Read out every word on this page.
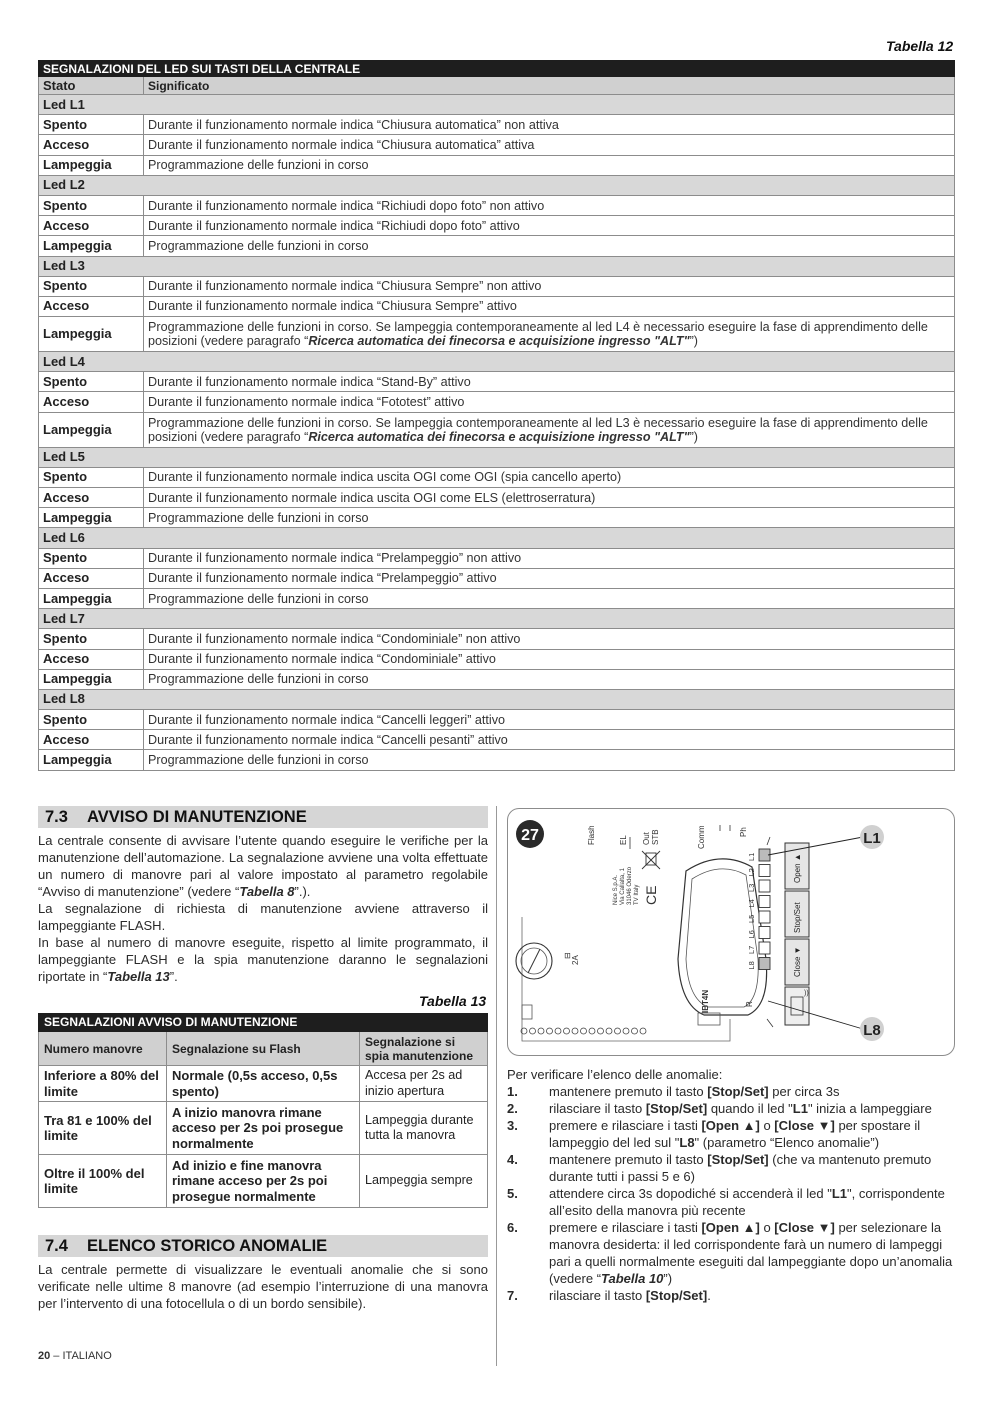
Tabella 12
SEGNALAZIONI DEL LED SUI TASTI DELLA CENTRALE	
Stato	Significato
Led L1	
Spento	Durante il funzionamento normale indica “Chiusura automatica” non attiva
Acceso	Durante il funzionamento normale indica “Chiusura automatica” attiva
Lampeggia	Programmazione delle funzioni in corso
Led L2	
Spento	Durante il funzionamento normale indica “Richiudi dopo foto” non attivo
Acceso	Durante il funzionamento normale indica “Richiudi dopo foto” attivo
Lampeggia	Programmazione delle funzioni in corso
Led L3	
Spento	Durante il funzionamento normale indica “Chiusura Sempre” non attivo
Acceso	Durante il funzionamento normale indica “Chiusura Sempre” attivo
Lampeggia	Programmazione delle funzioni in corso. Se lampeggia contemporaneamente al led L4 è necessario eseguire la fase di apprendimento delle posizioni (vedere paragrafo “Ricerca automatica dei finecorsa e acquisizione ingresso "ALT"”)
Led L4	
Spento	Durante il funzionamento normale indica “Stand-By” attivo
Acceso	Durante il funzionamento normale indica “Fototest” attivo
Lampeggia	Programmazione delle funzioni in corso. Se lampeggia contemporaneamente al led L3 è necessario eseguire la fase di apprendimento delle posizioni (vedere paragrafo “Ricerca automatica dei finecorsa e acquisizione ingresso "ALT"”)
Led L5	
Spento	Durante il funzionamento normale indica uscita OGI come OGI (spia cancello aperto)
Acceso	Durante il funzionamento normale indica uscita OGI come ELS (elettroserratura)
Lampeggia	Programmazione delle funzioni in corso
Led L6	
Spento	Durante il funzionamento normale indica “Prelampeggio” non attivo
Acceso	Durante il funzionamento normale indica “Prelampeggio” attivo
Lampeggia	Programmazione delle funzioni in corso
Led L7	
Spento	Durante il funzionamento normale indica “Condominiale” non attivo
Acceso	Durante il funzionamento normale indica “Condominiale” attivo
Lampeggia	Programmazione delle funzioni in corso
Led L8	
Spento	Durante il funzionamento normale indica “Cancelli leggeri” attivo
Acceso	Durante il funzionamento normale indica “Cancelli pesanti” attivo
Lampeggia	Programmazione delle funzioni in corso
7.3 AVVISO DI MANUTENZIONE

La centrale consente di avvisare l’utente quando eseguire le verifiche per la manutenzione dell’automazione. La segnalazione avviene una volta effettuate un numero di manovre pari al valore impostato al parametro regolabile “Avviso di manutenzione” (vedere “Tabella 8”.).

La segnalazione di richiesta di manutenzione avviene attraverso il lampeggiante FLASH.

In base al numero di manovre eseguite, rispetto al limite programmato, il lampeggiante FLASH e la spia manutenzione daranno le segnalazioni riportate in “Tabella 13”.

Tabella 13
SEGNALAZIONI AVVISO DI MANUTENZIONE		
Numero manovre	Segnalazione su Flash	Segnalazione si spia manutenzione
Inferiore a 80% del limite	Normale (0,5s acceso, 0,5s spento)	Accesa per 2s ad inizio apertura
Tra 81 e 100% del limite	A inizio manovra rimane acceso per 2s poi prosegue normalmente	Lampeggia durante tutta la manovra
Oltre il 100% del limite	Ad inizio e fine manovra rimane acceso per 2s poi prosegue normalmente	Lampeggia sempre
7.4 ELENCO STORICO ANOMALIE

La centrale permette di visualizzare le eventuali anomalie che si sono verificate nelle ultime 8 manovre (ad esempio l’interruzione di una manovra per l’intervento di una fotocellula o di un bordo sensibile).

27	Flash	EL Out STB	Comm	Ph
Nice S.p.A. Via Callalta, 1 31046 Oderzo TV Italy CE
⊟ 2A
IBT4N
L1
L2
L3
L4
L5
L6
L7
L8
R
Open ▲
Stop/Set
Close ▼
))
L1
L8
Per verificare l’elenco delle anomalie:
1.	mantenere premuto il tasto [Stop/Set] per circa 3s
2.	rilasciare il tasto [Stop/Set] quando il led "L1" inizia a lampeggiare
3.	premere e rilasciare i tasti [Open ▲] o [Close ▼] per spostare il lampeggio del led sul "L8" (parametro “Elenco anomalie”)
4.	mantenere premuto il tasto [Stop/Set] (che va mantenuto premuto durante tutti i passi 5 e 6)
5.	attendere circa 3s dopodiché si accenderà il led "L1", corrispondente all’esito della manovra più recente
6.	premere e rilasciare i tasti [Open ▲] o [Close ▼] per selezionare la manovra desiderta: il led corrispondente farà un numero di lampeggi pari a quelli normalmente eseguiti dal lampeggiante dopo un’anomalia (vedere “Tabella 10”)
7.	rilasciare il tasto [Stop/Set].
20 – ITALIANO
